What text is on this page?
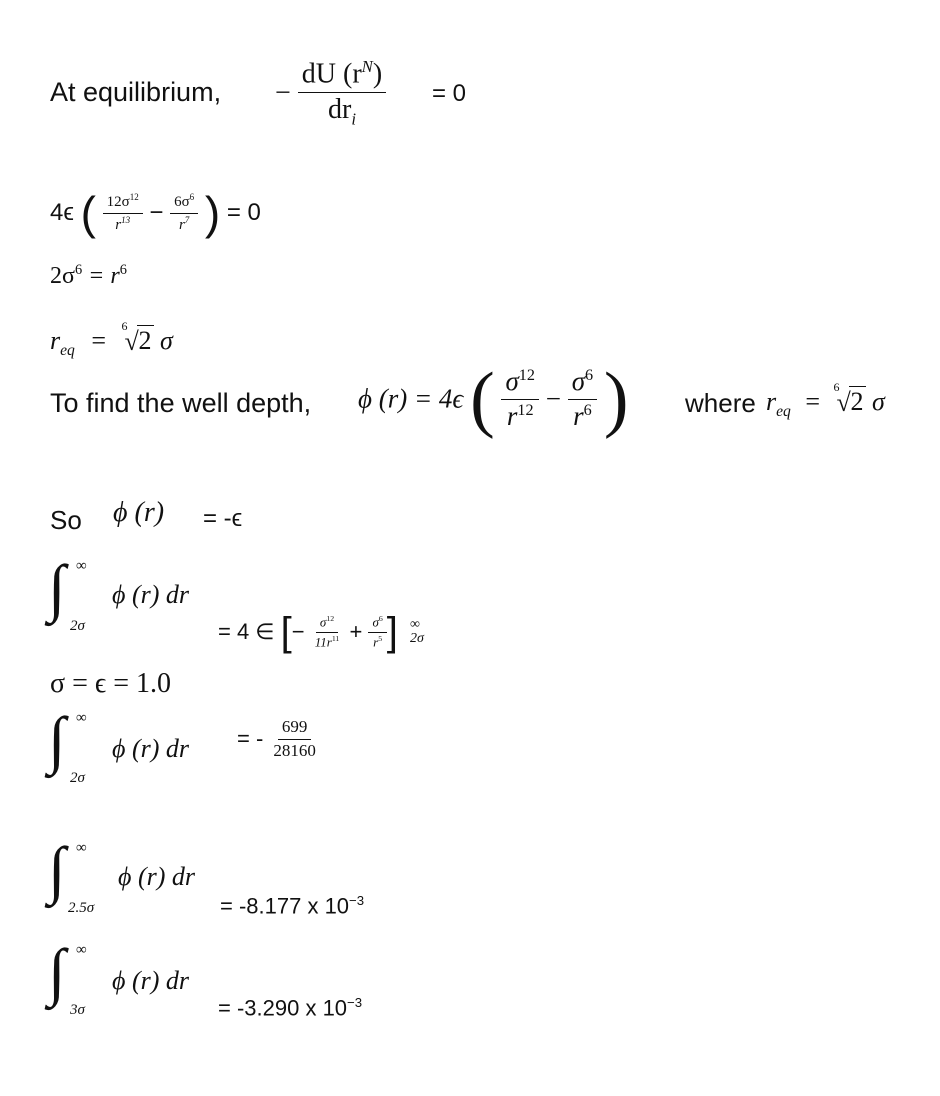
At equilibrium, − $\frac{dU (r^N)}{dr_i} = 0$
4ϵ ( $\frac{12\sigma^{12}}{r^{13}} - \frac{6\sigma^6}{r^7}$ ) = 0
$2\sigma^6 = r^6$
$r_{eq} = 6$
√ 2 σ
To find the well depth, ϕ (r) = 4ϵ ( $\frac{\sigma^{12}}{r^{12}} - \frac{\sigma^6}{r^6}$ ) where $r_{eq} = 6$
√ 2 σ
So ϕ (r) = -ϵ
∫ ∞
2σ
ϕ (r) dr
= 4 ∈ [− $\frac{\sigma^{12}}{11r^{11}} + \frac{\sigma^6}{r^5}$ ] ∞
2σ
σ = ϵ = 1.0
∫ ∞
2σ
ϕ (r) dr = - $\frac{699}{28160}$
∫ ∞
2.5σ
ϕ (r) dr
= -8.177 x $10^{-3}$
∫ ∞
3σ
ϕ (r) dr
= -3.290 x $10^{-3}$
